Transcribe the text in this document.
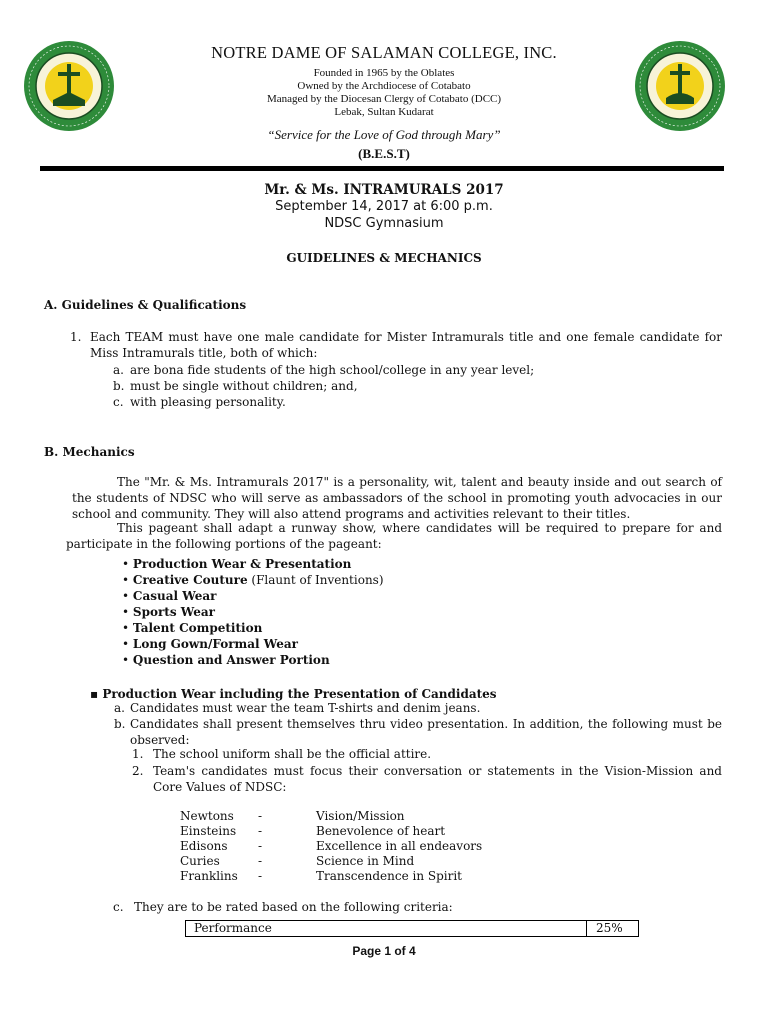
NOTRE DAME OF SALAMAN COLLEGE, INC.
Founded in 1965 by the Oblates
Owned by the Archdiocese of Cotabato
Managed by the Diocesan Clergy of Cotabato (DCC)
Lebak, Sultan Kudarat
“Service for the Love of God through Mary”
(B.E.S.T)
Mr. & Ms. INTRAMURALS 2017
September 14, 2017 at 6:00 p.m.
NDSC Gymnasium
GUIDELINES & MECHANICS
A. Guidelines & Qualifications
1. Each TEAM must have one male candidate for Mister Intramurals title and one female candidate for Miss Intramurals title, both of which:
a. are bona fide students of the high school/college in any year level;
b. must be single without children; and,
c. with pleasing personality.
B. Mechanics
The "Mr. & Ms. Intramurals 2017" is a personality, wit, talent and beauty inside and out search of the students of NDSC who will serve as ambassadors of the school in promoting youth advocacies in our school and community. They will also attend programs and activities relevant to their titles.
This pageant shall adapt a runway show, where candidates will be required to prepare for and participate in the following portions of the pageant:
• Production Wear & Presentation
• Creative Couture (Flaunt of Inventions)
• Casual Wear
• Sports Wear
• Talent Competition
• Long Gown/Formal Wear
• Question and Answer Portion
▪ Production Wear including the Presentation of Candidates
a. Candidates must wear the team T-shirts and denim jeans.
b. Candidates shall present themselves thru video presentation. In addition, the following must be observed:
1. The school uniform shall be the official attire.
2. Team's candidates must focus their conversation or statements in the Vision-Mission and Core Values of NDSC:
Newtons -	Vision/Mission
Einsteins -	Benevolence of heart
Edisons	-	Excellence in all endeavors
Curies	-	Science in Mind
Franklins -	Transcendence in Spirit
c. They are to be rated based on the following criteria:
Performance	25%
Page 1 of 4
